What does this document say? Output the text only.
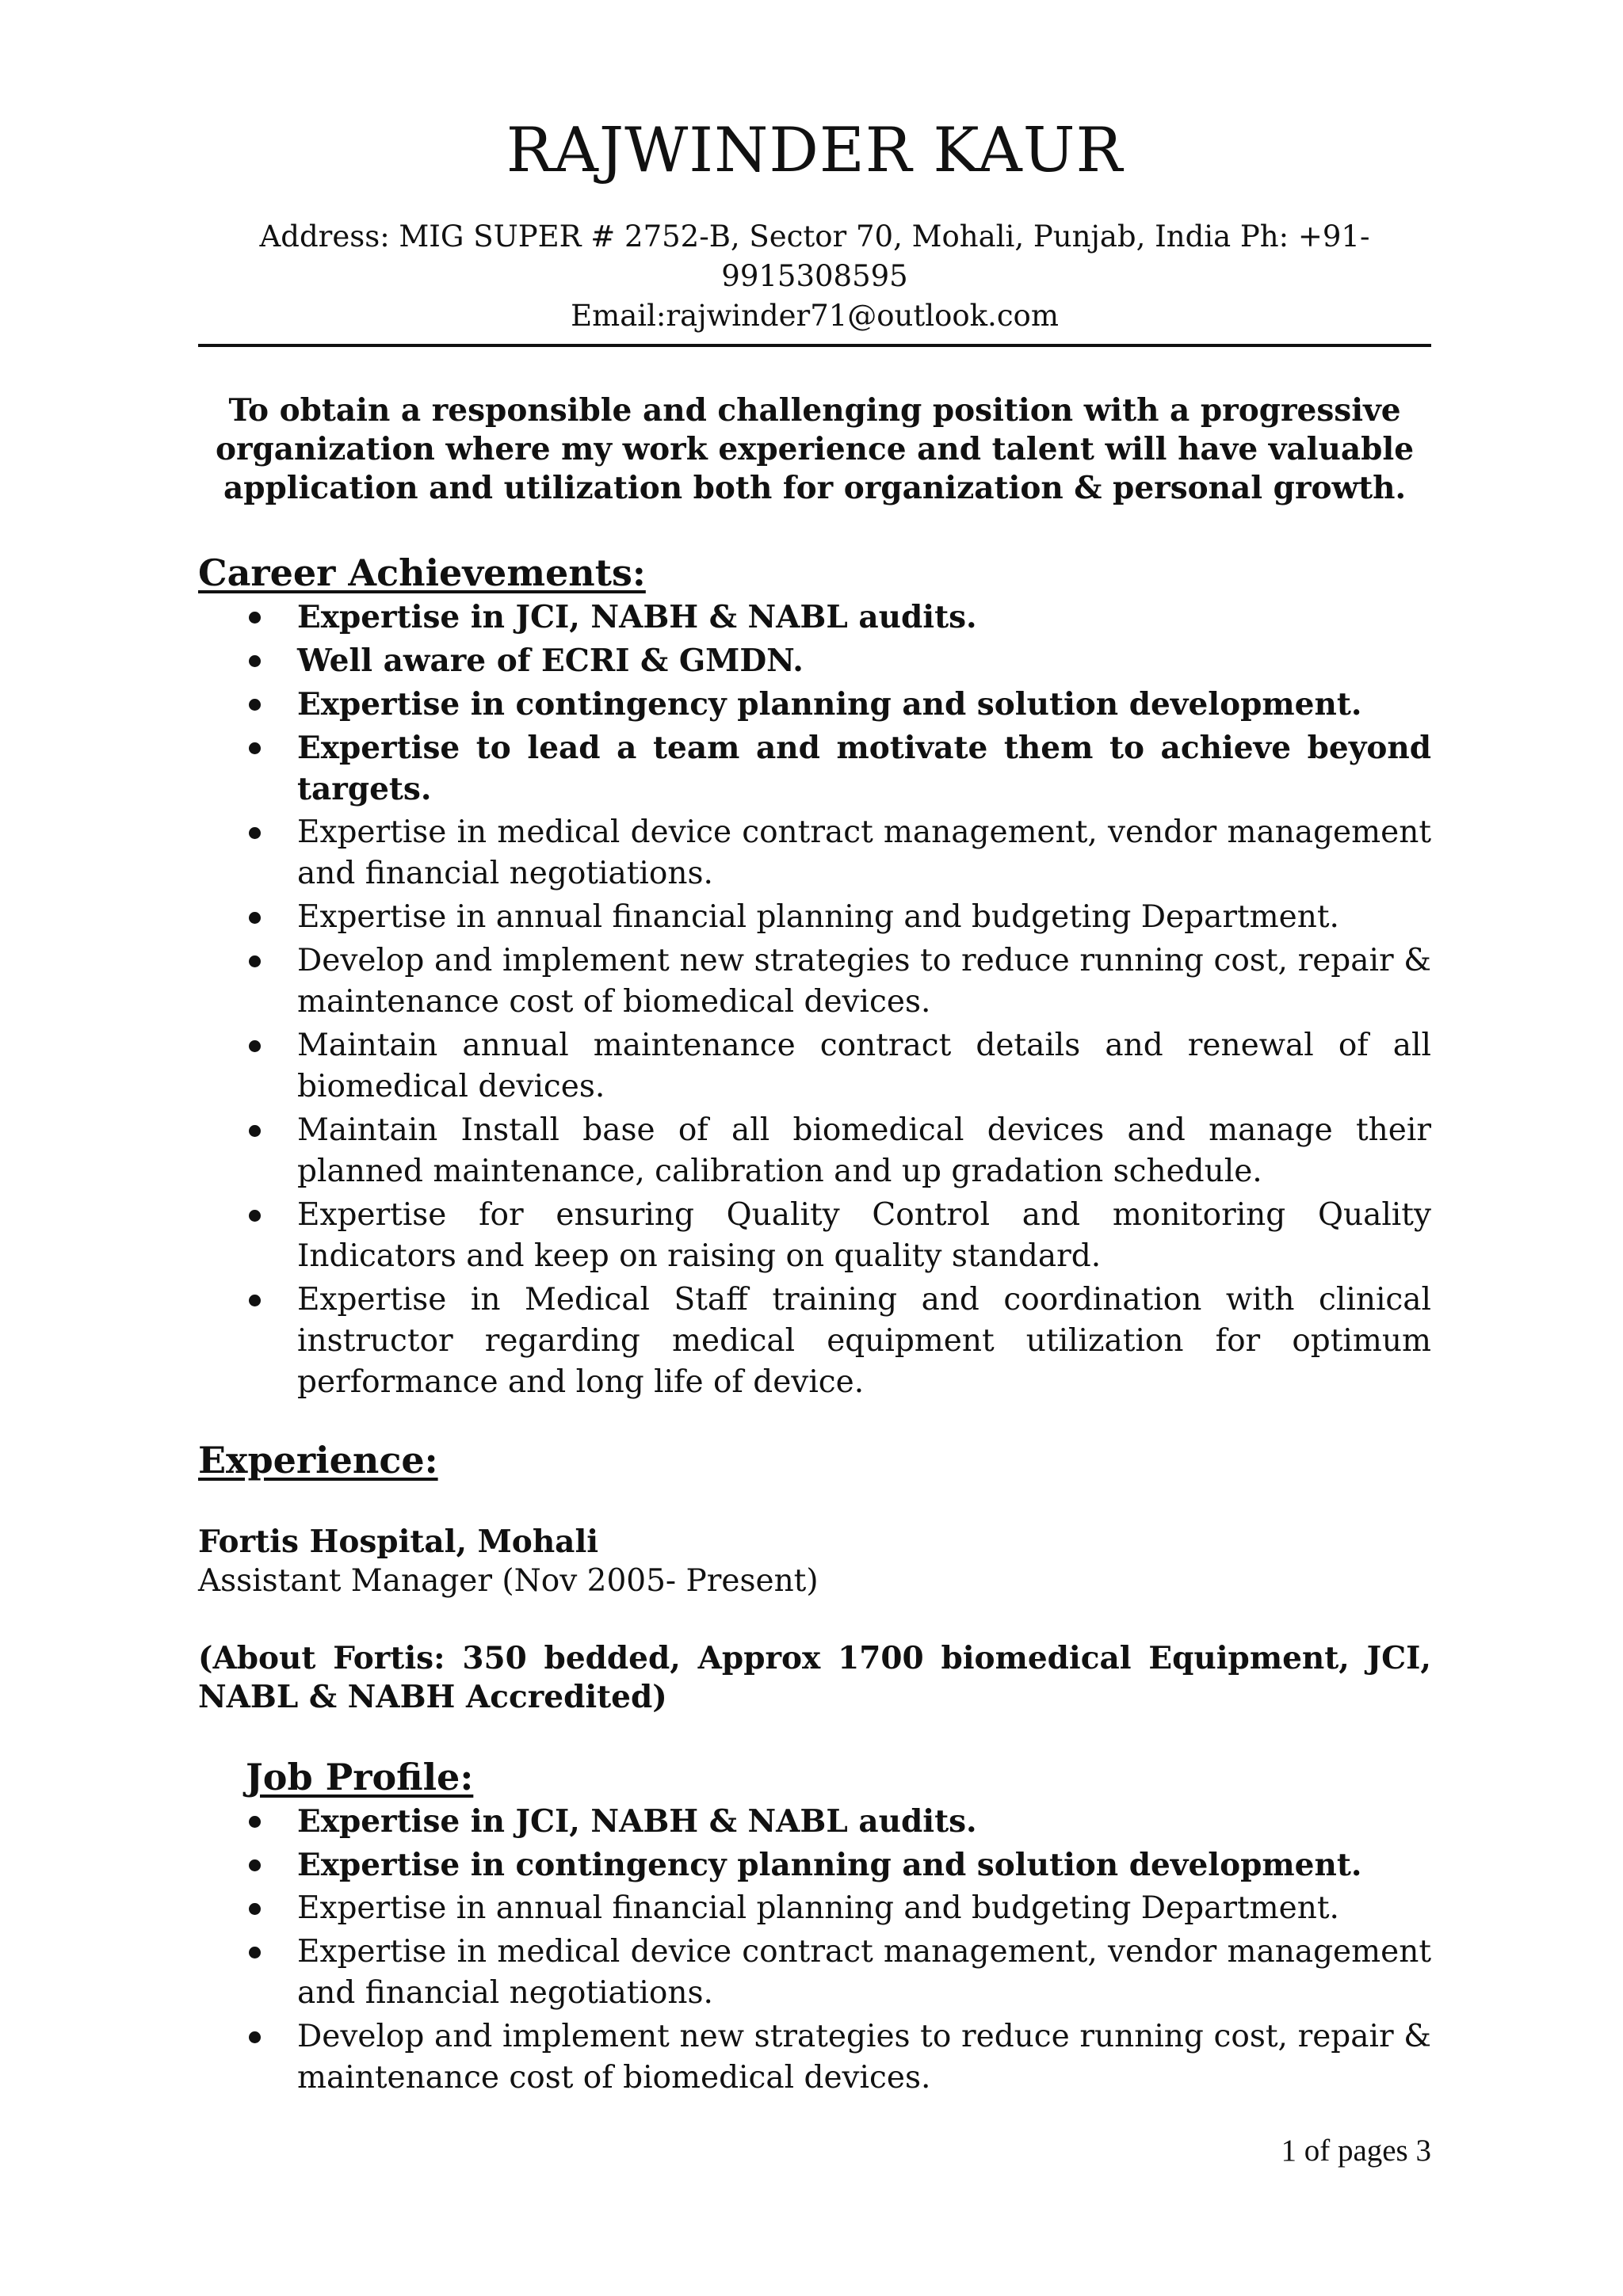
RAJWINDER KAUR
Address: MIG SUPER # 2752-B, Sector 70, Mohali, Punjab, India Ph: +91-9915308595
Email:rajwinder71@outlook.com
To obtain a responsible and challenging position with a progressive organization where my work experience and talent will have valuable application and utilization both for organization & personal growth.
Career Achievements:
Expertise in JCI, NABH & NABL audits.
Well aware of ECRI & GMDN.
Expertise in contingency planning and solution development.
Expertise to lead a team and motivate them to achieve beyond targets.
Expertise in medical device contract management, vendor management and financial negotiations.
Expertise in annual financial planning and budgeting Department.
Develop and implement new strategies to reduce running cost, repair & maintenance cost of biomedical devices.
Maintain annual maintenance contract details and renewal of all biomedical devices.
Maintain Install base of all biomedical devices and manage their planned maintenance, calibration and up gradation schedule.
Expertise for ensuring Quality Control and monitoring Quality Indicators and keep on raising on quality standard.
Expertise in Medical Staff training and coordination with clinical instructor regarding medical equipment utilization for optimum performance and long life of device.
Experience:
Fortis Hospital, Mohali
Assistant Manager (Nov 2005- Present)
(About Fortis: 350 bedded, Approx 1700 biomedical Equipment, JCI, NABL & NABH Accredited)
Job Profile:
Expertise in JCI, NABH & NABL audits.
Expertise in contingency planning and solution development.
Expertise in annual financial planning and budgeting Department.
Expertise in medical device contract management, vendor management and financial negotiations.
Develop and implement new strategies to reduce running cost, repair & maintenance cost of biomedical devices.
1 of pages 3
